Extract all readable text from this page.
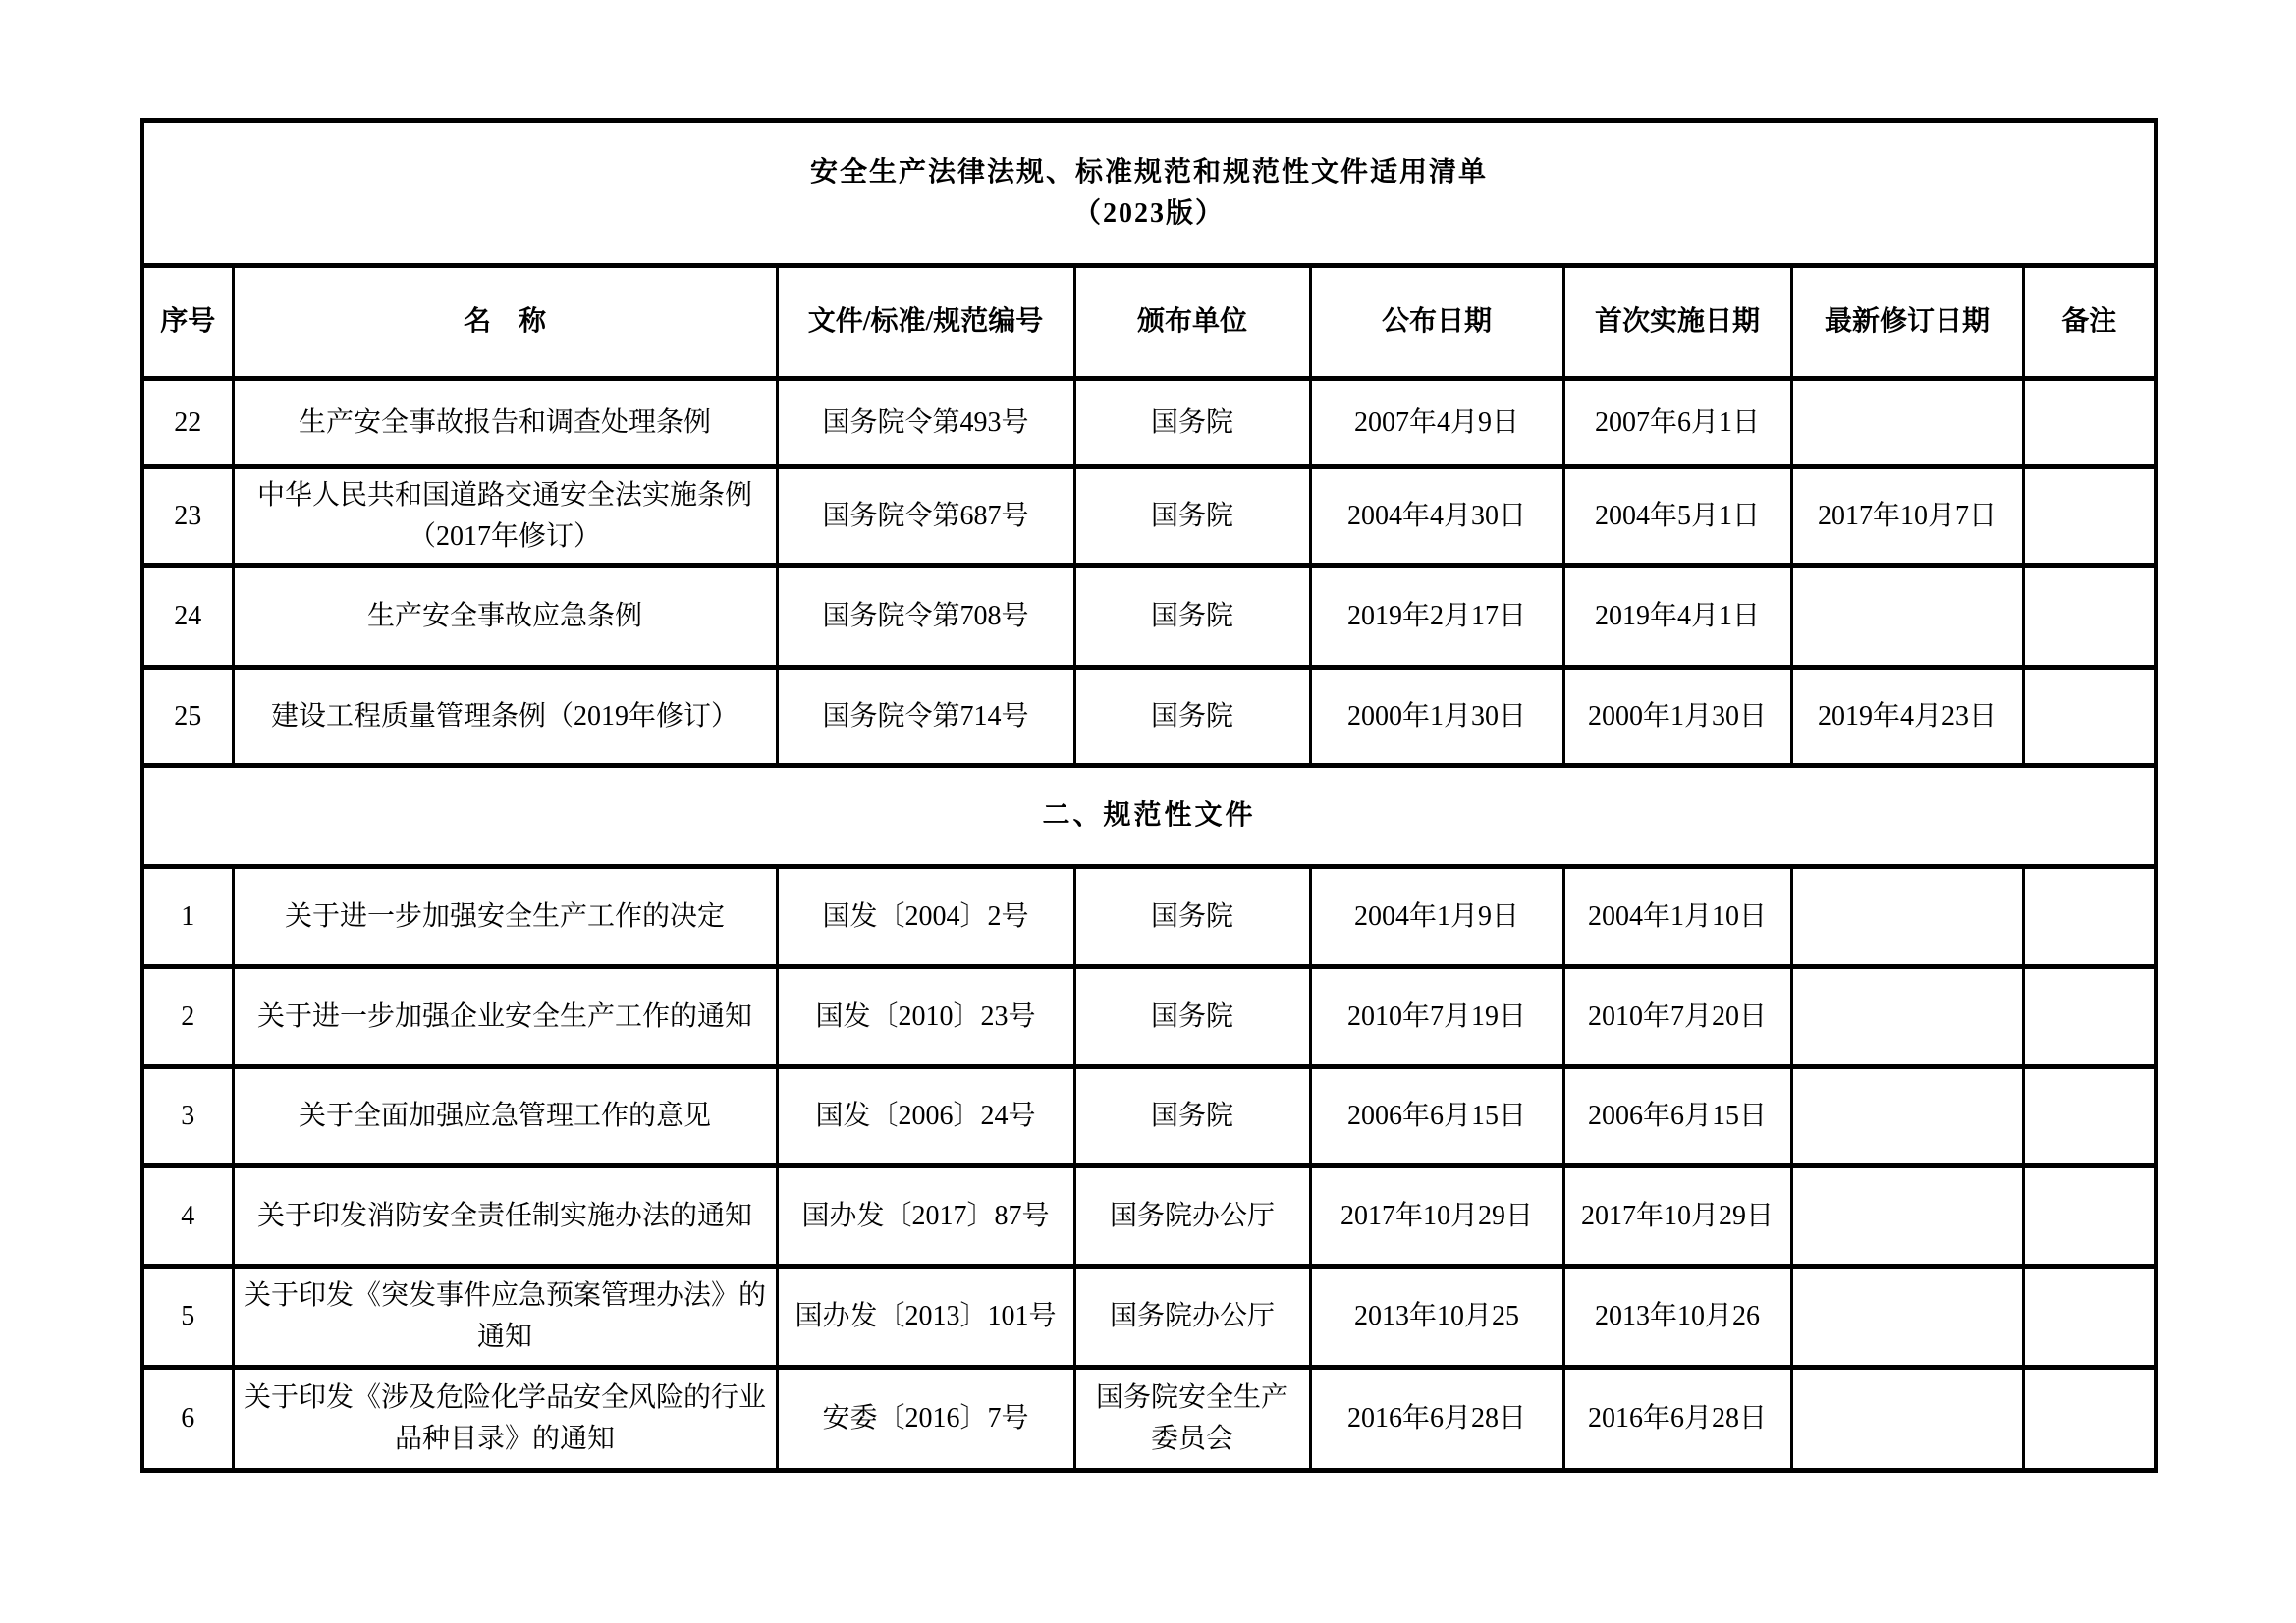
安全生产法律法规、标准规范和规范性文件适用清单
（2023版）							

序号	名　称	文件/标准/规范编号	颁布单位	公布日期	首次实施日期	最新修订日期	备注
22	生产安全事故报告和调查处理条例	国务院令第493号	国务院	2007年4月9日	2007年6月1日		
23	中华人民共和国道路交通安全法实施条例（2017年修订）	国务院令第687号	国务院	2004年4月30日	2004年5月1日	2017年10月7日	
24	生产安全事故应急条例	国务院令第708号	国务院	2019年2月17日	2019年4月1日		
25	建设工程质量管理条例（2019年修订）	国务院令第714号	国务院	2000年1月30日	2000年1月30日	2019年4月23日	
二、规范性文件							
1	关于进一步加强安全生产工作的决定	国发〔2004〕2号	国务院	2004年1月9日	2004年1月10日		
2	关于进一步加强企业安全生产工作的通知	国发〔2010〕23号	国务院	2010年7月19日	2010年7月20日		
3	关于全面加强应急管理工作的意见	国发〔2006〕24号	国务院	2006年6月15日	2006年6月15日		
4	关于印发消防安全责任制实施办法的通知	国办发〔2017〕87号	国务院办公厅	2017年10月29日	2017年10月29日		
5	关于印发《突发事件应急预案管理办法》的通知	国办发〔2013〕101号	国务院办公厅	2013年10月25	2013年10月26		
6	关于印发《涉及危险化学品安全风险的行业品种目录》的通知	安委〔2016〕7号	国务院安全生产委员会	2016年6月28日	2016年6月28日		
